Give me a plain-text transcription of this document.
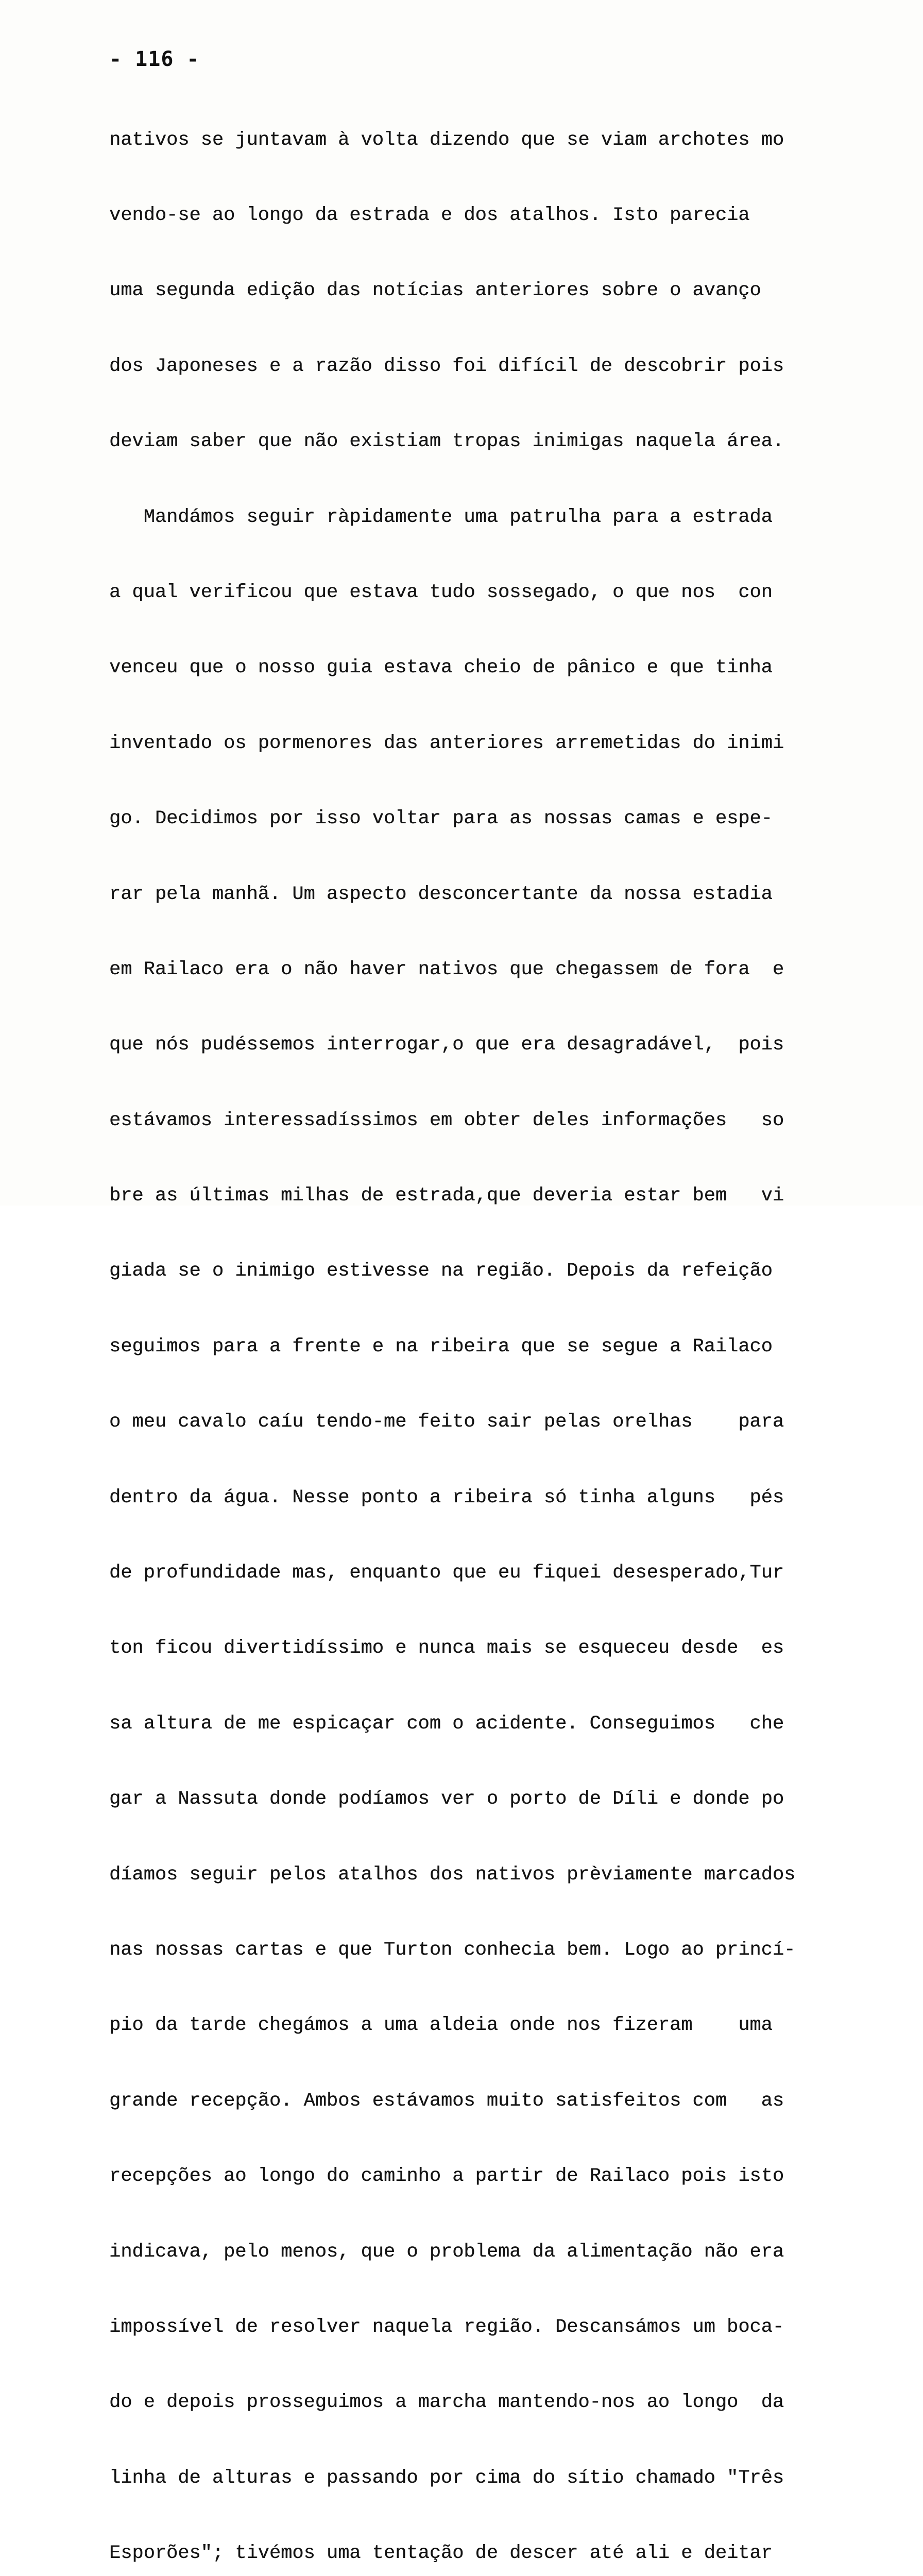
- 116 -

nativos se juntavam à volta dizendo que se viam archotes mo

vendo-se ao longo da estrada e dos atalhos. Isto parecia

uma segunda edição das notícias anteriores sobre o avanço

dos Japoneses e a razão disso foi difícil de descobrir pois

deviam saber que não existiam tropas inimigas naquela área.

Mandámos seguir ràpidamente uma patrulha para a estrada

a qual verificou que estava tudo sossegado, o que nos  con

venceu que o nosso guia estava cheio de pânico e que tinha

inventado os pormenores das anteriores arremetidas do inimi

go. Decidimos por isso voltar para as nossas camas e espe-

rar pela manhã. Um aspecto desconcertante da nossa estadia

em Railaco era o não haver nativos que chegassem de fora  e

que nós pudéssemos interrogar,o que era desagradável,  pois

estávamos interessadíssimos em obter deles informações   so

bre as últimas milhas de estrada,que deveria estar bem   vi

giada se o inimigo estivesse na região. Depois da refeição

seguimos para a frente e na ribeira que se segue a Railaco

o meu cavalo caíu tendo-me feito sair pelas orelhas    para

dentro da água. Nesse ponto a ribeira só tinha alguns   pés

de profundidade mas, enquanto que eu fiquei desesperado,Tur

ton ficou divertidíssimo e nunca mais se esqueceu desde  es

sa altura de me espicaçar com o acidente. Conseguimos   che

gar a Nassuta donde podíamos ver o porto de Díli e donde po

díamos seguir pelos atalhos dos nativos prèviamente marcados

nas nossas cartas e que Turton conhecia bem. Logo ao princí-

pio da tarde chegámos a uma aldeia onde nos fizeram    uma

grande recepção. Ambos estávamos muito satisfeitos com   as

recepções ao longo do caminho a partir de Railaco pois isto

indicava, pelo menos, que o problema da alimentação não era

impossível de resolver naquela região. Descansámos um boca-

do e depois prosseguimos a marcha mantendo-nos ao longo  da

linha de alturas e passando por cima do sítio chamado "Três

Esporões"; tivémos uma tentação de descer até ali e deitar
